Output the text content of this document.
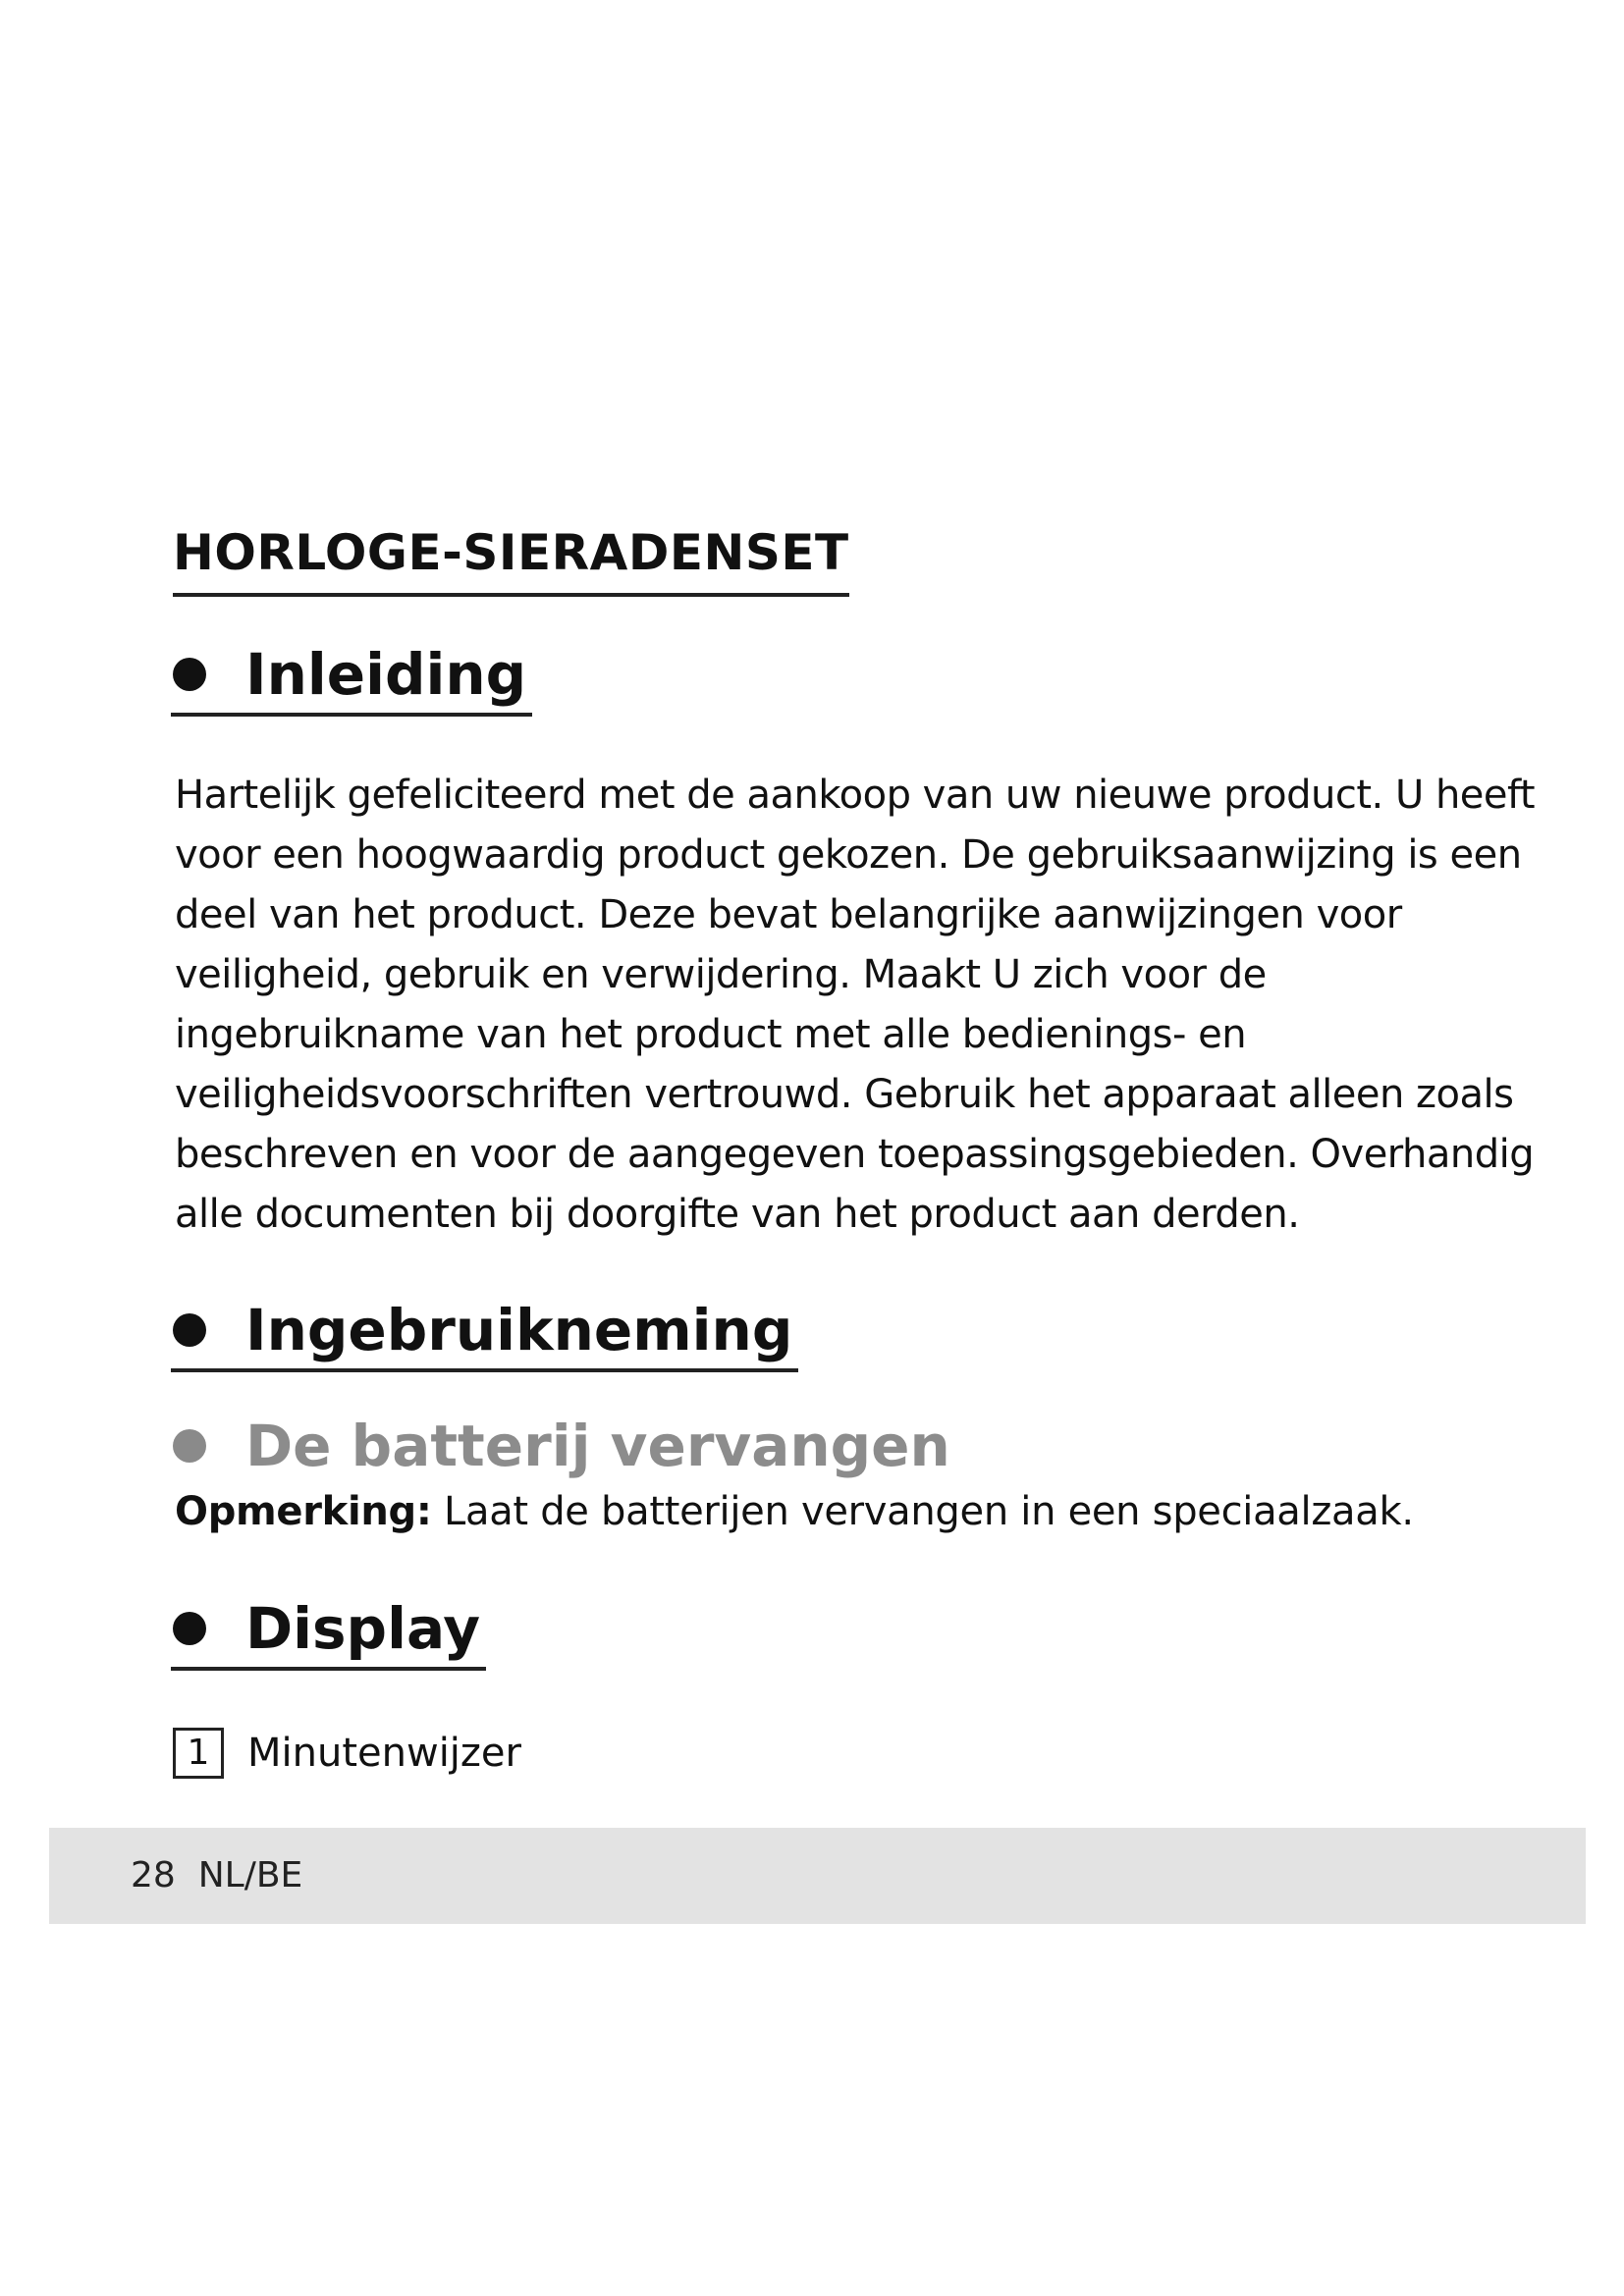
HORLOGE-SIERADENSET
Inleiding

Hartelijk gefeliciteerd met de aankoop van uw nieuwe product. U heeft
voor een hoogwaardig product gekozen. De gebruiksaanwijzing is een
deel van het product. Deze bevat belangrijke aanwijzingen voor
veiligheid, gebruik en verwijdering. Maakt U zich voor de
ingebruikname van het product met alle bedienings- en
veiligheidsvoorschriften vertrouwd. Gebruik het apparaat alleen zoals
beschreven en voor de aangegeven toepassingsgebieden. Overhandig
alle documenten bij doorgifte van het product aan derden.

Ingebruikneming
De batterij vervangen

Opmerking: Laat de batterijen vervangen in een speciaalzaak.

Display
1 Minutenwijzer
28 NL/BE
